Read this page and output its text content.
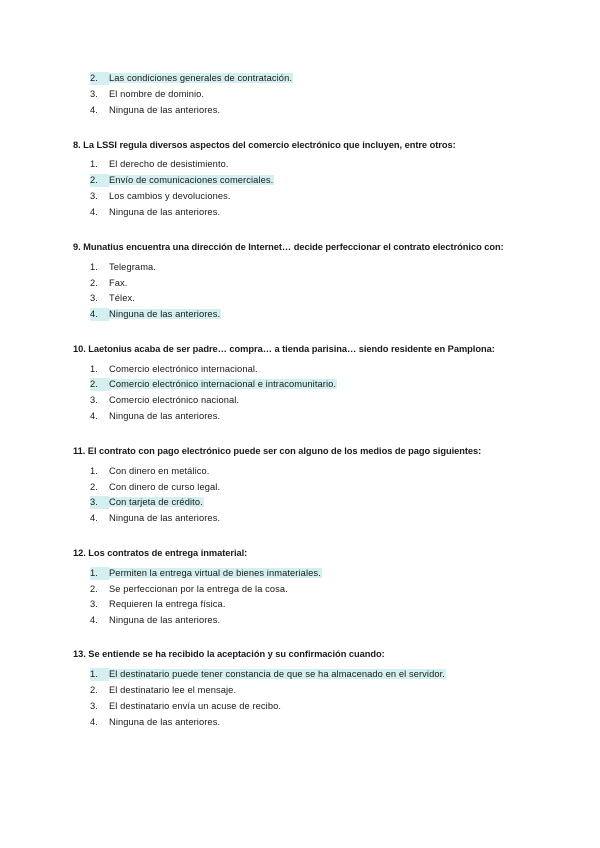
2. Las condiciones generales de contratación.
3. El nombre de dominio.
4. Ninguna de las anteriores.
8. La LSSI regula diversos aspectos del comercio electrónico que incluyen, entre otros:
1. El derecho de desistimiento.
2. Envío de comunicaciones comerciales.
3. Los cambios y devoluciones.
4. Ninguna de las anteriores.
9. Munatius encuentra una dirección de Internet… decide perfeccionar el contrato electrónico con:
1. Telegrama.
2. Fax.
3. Télex.
4. Ninguna de las anteriores.
10. Laetonius acaba de ser padre… compra… a tienda parisina… siendo residente en Pamplona:
1. Comercio electrónico internacional.
2. Comercio electrónico internacional e intracomunitario.
3. Comercio electrónico nacional.
4. Ninguna de las anteriores.
11. El contrato con pago electrónico puede ser con alguno de los medios de pago siguientes:
1. Con dinero en metálico.
2. Con dinero de curso legal.
3. Con tarjeta de crédito.
4. Ninguna de las anteriores.
12. Los contratos de entrega inmaterial:
1. Permiten la entrega virtual de bienes inmateriales.
2. Se perfeccionan por la entrega de la cosa.
3. Requieren la entrega física.
4. Ninguna de las anteriores.
13. Se entiende se ha recibido la aceptación y su confirmación cuando:
1. El destinatario puede tener constancia de que se ha almacenado en el servidor.
2. El destinatario lee el mensaje.
3. El destinatario envía un acuse de recibo.
4. Ninguna de las anteriores.
